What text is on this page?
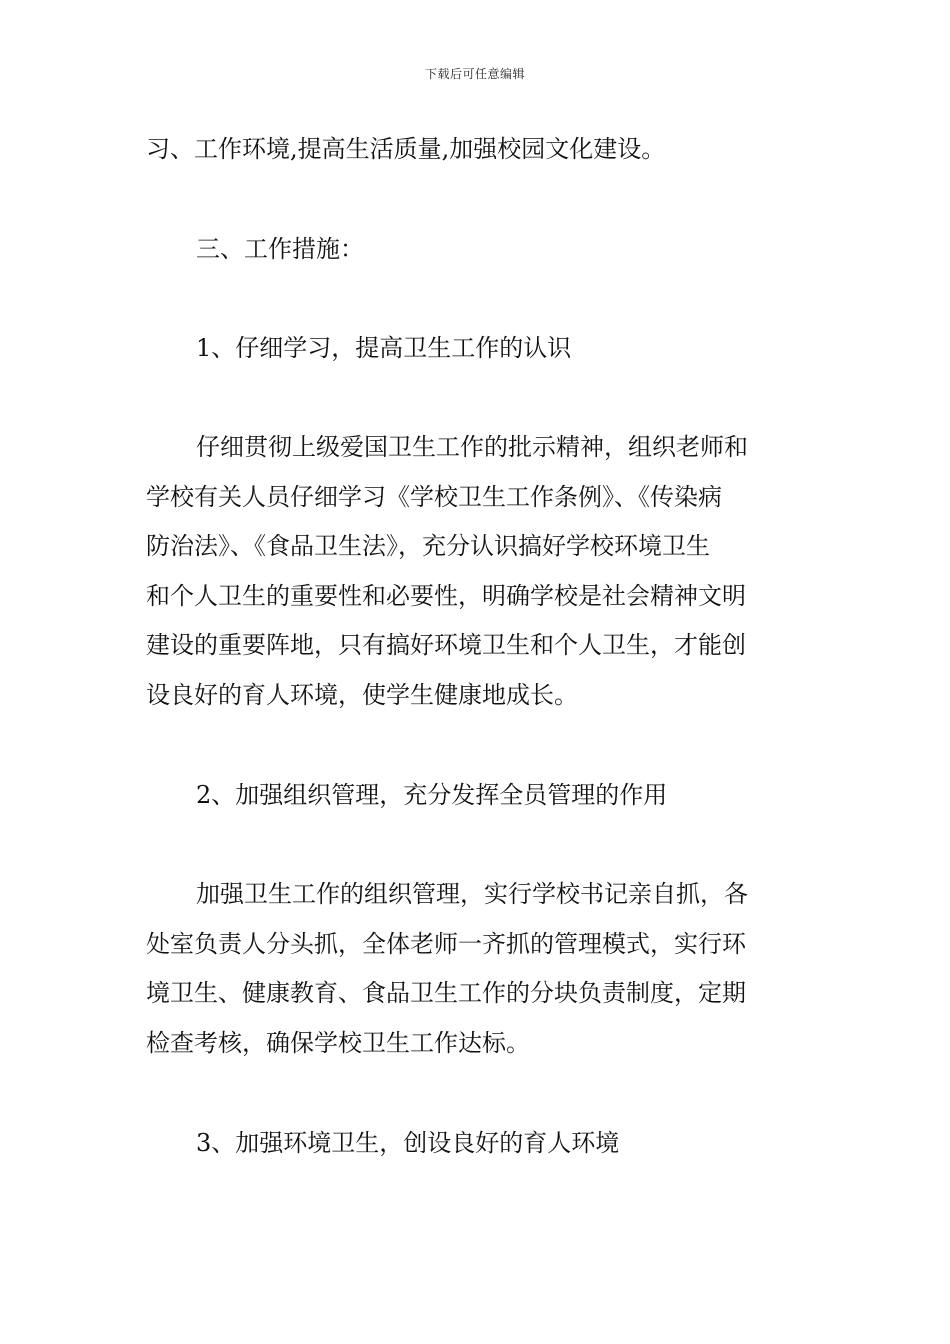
下载后可任意编辑

习、工作环境,提高生活质量,加强校园文化建设。

三、工作措施：

1、仔细学习，提高卫生工作的认识

仔细贯彻上级爱国卫生工作的批示精神，组织老师和
学校有关人员仔细学习《学校卫生工作条例》、《传染病
防治法》、《食品卫生法》，充分认识搞好学校环境卫生
和个人卫生的重要性和必要性，明确学校是社会精神文明
建设的重要阵地，只有搞好环境卫生和个人卫生，才能创
设良好的育人环境，使学生健康地成长。

2、加强组织管理，充分发挥全员管理的作用

加强卫生工作的组织管理，实行学校书记亲自抓，各
处室负责人分头抓，全体老师一齐抓的管理模式，实行环
境卫生、健康教育、食品卫生工作的分块负责制度，定期
检查考核，确保学校卫生工作达标。

3、加强环境卫生，创设良好的育人环境
